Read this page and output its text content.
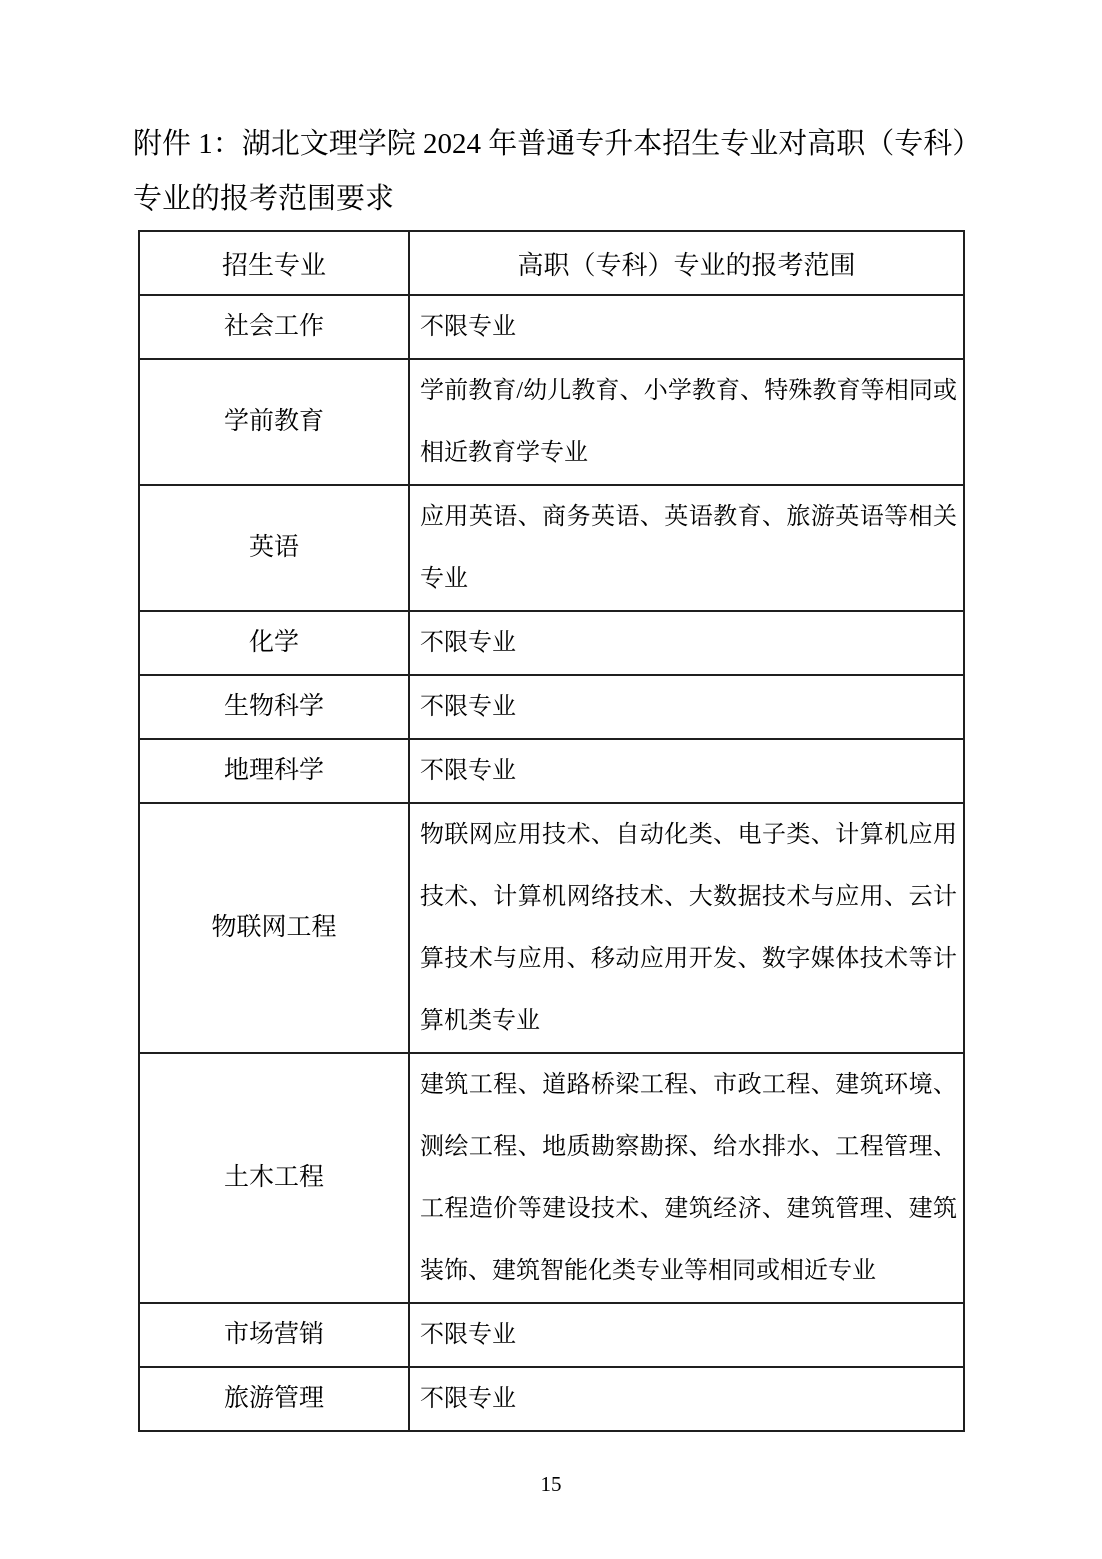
附件 1：湖北文理学院 2024 年普通专升本招生专业对高职（专科）
专业的报考范围要求
招生专业	高职（专科）专业的报考范围
社会工作	不限专业
学前教育	学前教育/幼儿教育、小学教育、特殊教育等相同或相近教育学专业
英语	应用英语、商务英语、英语教育、旅游英语等相关专业
化学	不限专业
生物科学	不限专业
地理科学	不限专业
物联网工程	物联网应用技术、自动化类、电子类、计算机应用技术、计算机网络技术、大数据技术与应用、云计算技术与应用、移动应用开发、数字媒体技术等计算机类专业
土木工程	建筑工程、道路桥梁工程、市政工程、建筑环境、测绘工程、地质勘察勘探、给水排水、工程管理、工程造价等建设技术、建筑经济、建筑管理、建筑装饰、建筑智能化类专业等相同或相近专业
市场营销	不限专业
旅游管理	不限专业
15
